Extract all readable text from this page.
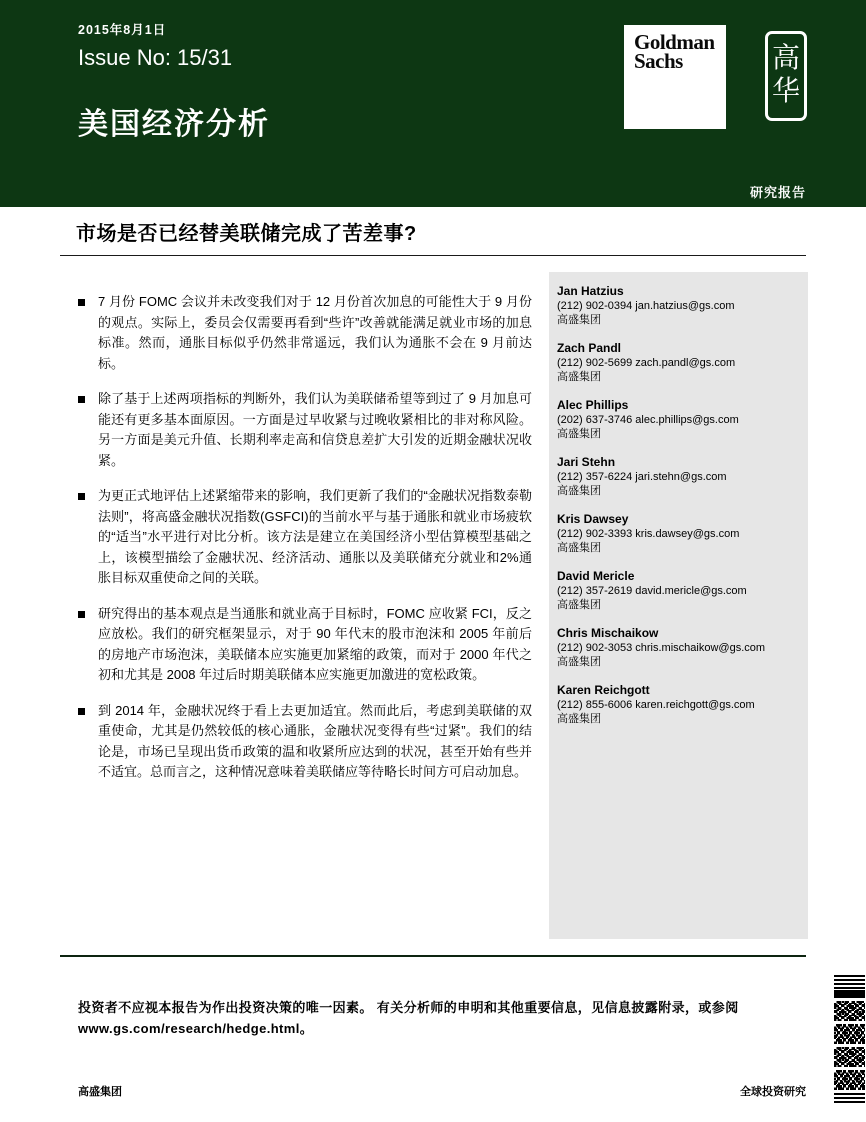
2015年8月1日
Issue No: 15/31
美国经济分析
Goldman
Sachs	高
华
研究报告
市场是否已经替美联储完成了苦差事?

7 月份 FOMC 会议并未改变我们对于 12 月份首次加息的可能性大于 9 月份的观点。实际上，委员会仅需要再看到“些许”改善就能满足就业市场的加息标准。然而，通胀目标似乎仍然非常遥远，我们认为通胀不会在 9 月前达标。

除了基于上述两项指标的判断外，我们认为美联储希望等到过了 9 月加息可能还有更多基本面原因。一方面是过早收紧与过晚收紧相比的非对称风险。另一方面是美元升值、长期利率走高和信贷息差扩大引发的近期金融状况收紧。

为更正式地评估上述紧缩带来的影响，我们更新了我们的“金融状况指数泰勒法则”，将高盛金融状况指数(GSFCI)的当前水平与基于通胀和就业市场疲软的“适当”水平进行对比分析。该方法是建立在美国经济小型估算模型基础之上，该模型描绘了金融状况、经济活动、通胀以及美联储充分就业和2%通胀目标双重使命之间的关联。

研究得出的基本观点是当通胀和就业高于目标时，FOMC 应收紧 FCI，反之应放松。我们的研究框架显示，对于 90 年代末的股市泡沫和 2005 年前后的房地产市场泡沫，美联储本应实施更加紧缩的政策，而对于 2000 年代之初和尤其是 2008 年过后时期美联储本应实施更加激进的宽松政策。

到 2014 年，金融状况终于看上去更加适宜。然而此后，考虑到美联储的双重使命，尤其是仍然较低的核心通胀，金融状况变得有些“过紧”。我们的结论是，市场已呈现出货币政策的温和收紧所应达到的状况，甚至开始有些并不适宜。总而言之，这种情况意味着美联储应等待略长时间方可启动加息。

Jan Hatzius
(212) 902-0394 jan.hatzius@gs.com
高盛集团
Zach Pandl
(212) 902-5699 zach.pandl@gs.com
高盛集团
Alec Phillips
(202) 637-3746 alec.phillips@gs.com
高盛集团
Jari Stehn
(212) 357-6224 jari.stehn@gs.com
高盛集团
Kris Dawsey
(212) 902-3393 kris.dawsey@gs.com
高盛集团
David Mericle
(212) 357-2619 david.mericle@gs.com
高盛集团
Chris Mischaikow
(212) 902-3053 chris.mischaikow@gs.com
高盛集团
Karen Reichgott
(212) 855-6006 karen.reichgott@gs.com
高盛集团

投资者不应视本报告为作出投资决策的唯一因素。 有关分析师的申明和其他重要信息，见信息披露附录，或参阅 www.gs.com/research/hedge.html。

高盛集团	全球投资研究
